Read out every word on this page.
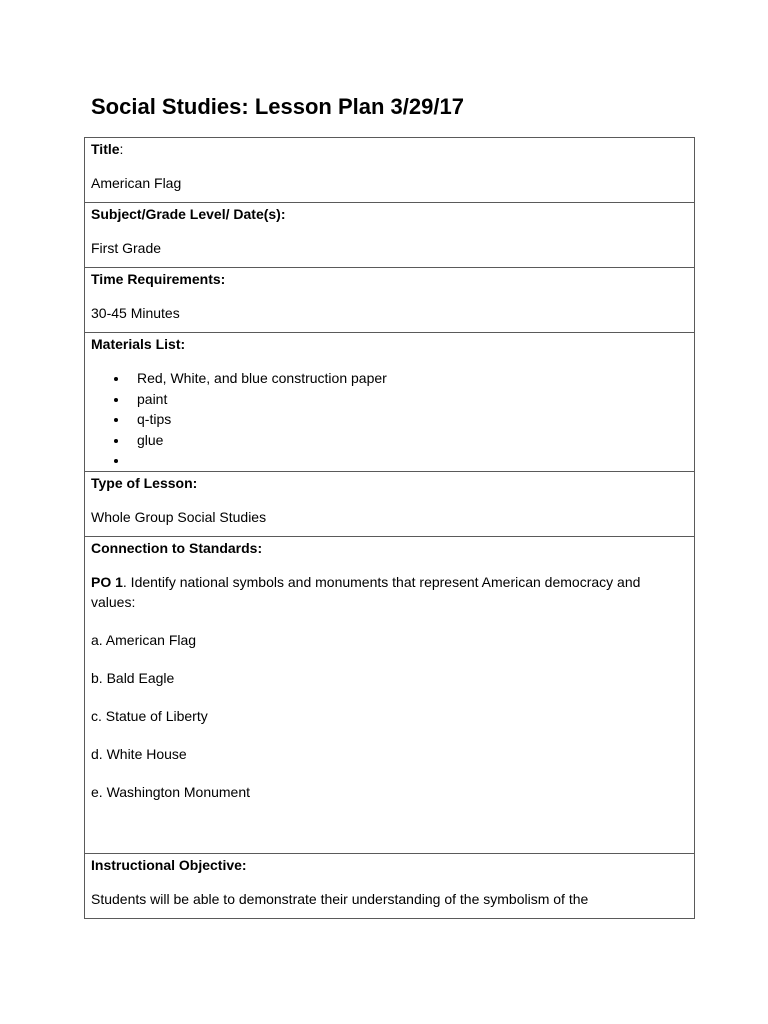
Social Studies: Lesson Plan 3/29/17
Title:
American Flag

Subject/Grade Level/ Date(s):
First Grade

Time Requirements:
30-45 Minutes

Materials List:
• Red, White, and blue construction paper
• paint
• q-tips
• glue
•

Type of Lesson:
Whole Group Social Studies

Connection to Standards:
PO 1. Identify national symbols and monuments that represent American democracy and values:
a. American Flag
b. Bald Eagle
c. Statue of Liberty
d. White House
e. Washington Monument

Instructional Objective:
Students will be able to demonstrate their understanding of the symbolism of the
